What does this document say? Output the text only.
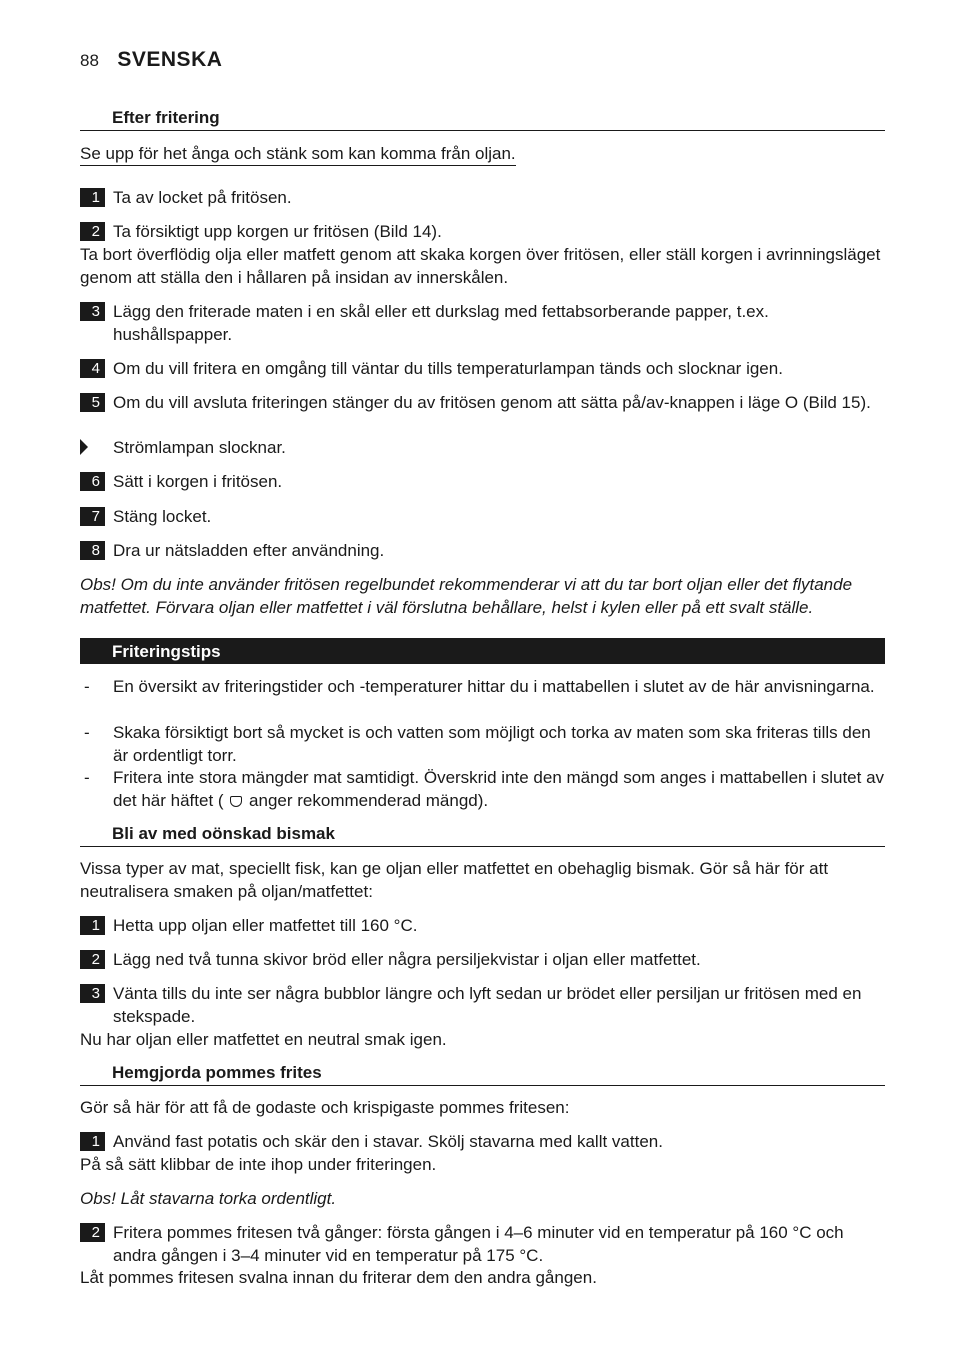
88 SVENSKA
Efter fritering
Se upp för het ånga och stänk som kan komma från oljan.
1 Ta av locket på fritösen.
2 Ta försiktigt upp korgen ur fritösen (Bild 14).
Ta bort överflödig olja eller matfett genom att skaka korgen över fritösen, eller ställ korgen i avrinningsläget genom att ställa den i hållaren på insidan av innerskålen.
3 Lägg den friterade maten i en skål eller ett durkslag med fettabsorberande papper, t.ex. hushållspapper.
4 Om du vill fritera en omgång till väntar du tills temperaturlampan tänds och slocknar igen.
5 Om du vill avsluta friteringen stänger du av fritösen genom att sätta på/av-knappen i läge O (Bild 15).
Strömlampan slocknar.
6 Sätt i korgen i fritösen.
7 Stäng locket.
8 Dra ur nätsladden efter användning.
Obs! Om du inte använder fritösen regelbundet rekommenderar vi att du tar bort oljan eller det flytande matfettet. Förvara oljan eller matfettet i väl förslutna behållare, helst i kylen eller på ett svalt ställe.
Friteringstips
- En översikt av friteringstider och -temperaturer hittar du i mattabellen i slutet av de här anvisningarna.
- Skaka försiktigt bort så mycket is och vatten som möjligt och torka av maten som ska friteras tills den är ordentligt torr.
- Fritera inte stora mängder mat samtidigt. Överskrid inte den mängd som anges i mattabellen i slutet av det här häftet ( anger rekommenderad mängd).
Bli av med oönskad bismak
Vissa typer av mat, speciellt fisk, kan ge oljan eller matfettet en obehaglig bismak. Gör så här för att neutralisera smaken på oljan/matfettet:
1 Hetta upp oljan eller matfettet till 160 °C.
2 Lägg ned två tunna skivor bröd eller några persiljekvistar i oljan eller matfettet.
3 Vänta tills du inte ser några bubblor längre och lyft sedan ur brödet eller persiljan ur fritösen med en stekspade.
Nu har oljan eller matfettet en neutral smak igen.
Hemgjorda pommes frites
Gör så här för att få de godaste och krispigaste pommes fritesen:
1 Använd fast potatis och skär den i stavar. Skölj stavarna med kallt vatten.
På så sätt klibbar de inte ihop under friteringen.
Obs! Låt stavarna torka ordentligt.
2 Fritera pommes fritesen två gånger: första gången i 4–6 minuter vid en temperatur på 160 °C och andra gången i 3–4 minuter vid en temperatur på 175 °C.
Låt pommes fritesen svalna innan du friterar dem den andra gången.
